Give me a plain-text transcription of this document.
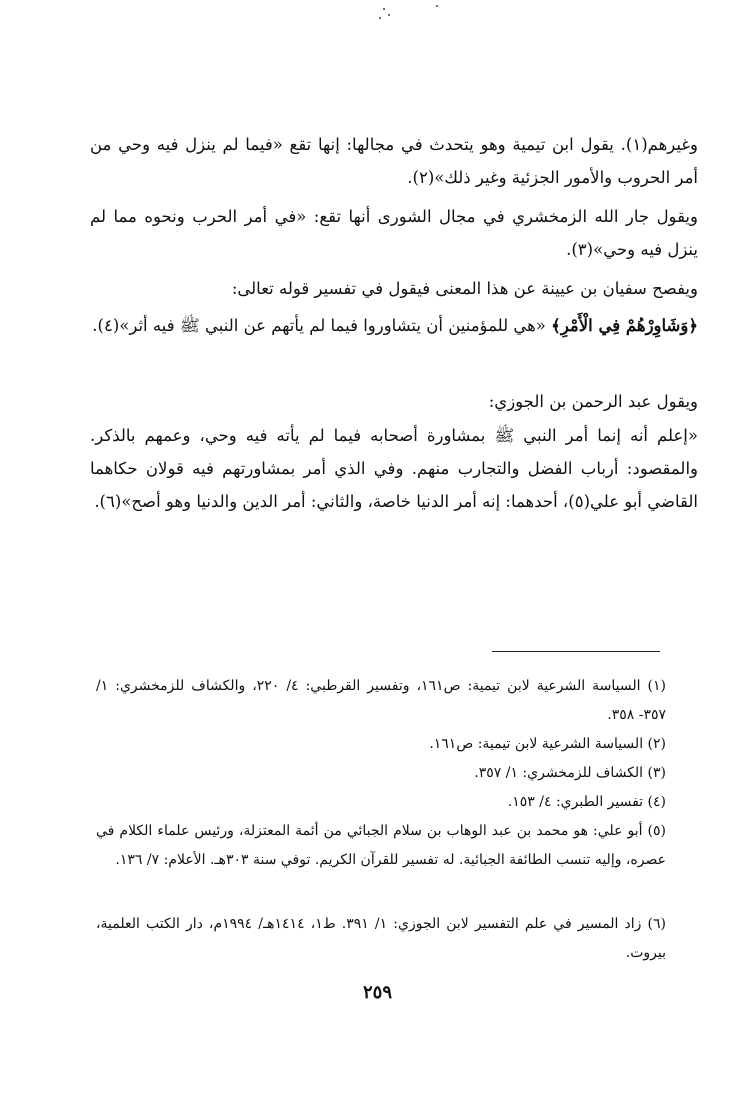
وغيرهم(١). يقول ابن تيمية وهو يتحدث في مجالها: إنها تقع «فيما لم ينزل فيه وحي من أمر الحروب والأمور الجزئية وغير ذلك»(٢).
ويقول جار الله الزمخشري في مجال الشورى أنها تقع: «في أمر الحرب ونحوه مما لم ينزل فيه وحي»(٣).
ويفصح سفيان بن عيينة عن هذا المعنى فيقول في تفسير قوله تعالى:
﴿وَشَاوِرْهُمْ فِي الْأَمْرِ﴾ «هي للمؤمنين أن يتشاوروا فيما لم يأتهم عن النبي ﷺ فيه أثر»(٤).
ويقول عبد الرحمن بن الجوزي:
«إعلم أنه إنما أمر النبي ﷺ بمشاورة أصحابه فيما لم يأته فيه وحي، وعمهم بالذكر. والمقصود: أرباب الفضل والتجارب منهم. وفي الذي أمر بمشاورتهم فيه قولان حكاهما القاضي أبو علي(٥)، أحدهما: إنه أمر الدنيا خاصة، والثاني: أمر الدين والدنيا وهو أصح»(٦).
(١) السياسة الشرعية لابن تيمية: ص١٦١، وتفسير القرطبي: ٤/ ٢٢٠، والكشاف للزمخشري: ١/ ٣٥٧- ٣٥٨.
(٢) السياسة الشرعية لابن تيمية: ص١٦١.
(٣) الكشاف للزمخشري: ١/ ٣٥٧.
(٤) تفسير الطبري: ٤/ ١٥٣.
(٥) أبو علي: هو محمد بن عبد الوهاب بن سلام الجبائي من أئمة المعتزلة، ورئيس علماء الكلام في عصره، وإليه تنسب الطائفة الجبائية. له تفسير للقرآن الكريم. توفي سنة ٣٠٣هـ. الأعلام: ٧/ ١٣٦.
(٦) زاد المسير في علم التفسير لابن الجوزي: ١/ ٣٩١. ط١، ١٤١٤هـ/ ١٩٩٤م، دار الكتب العلمية، بيروت.
٢٥٩
